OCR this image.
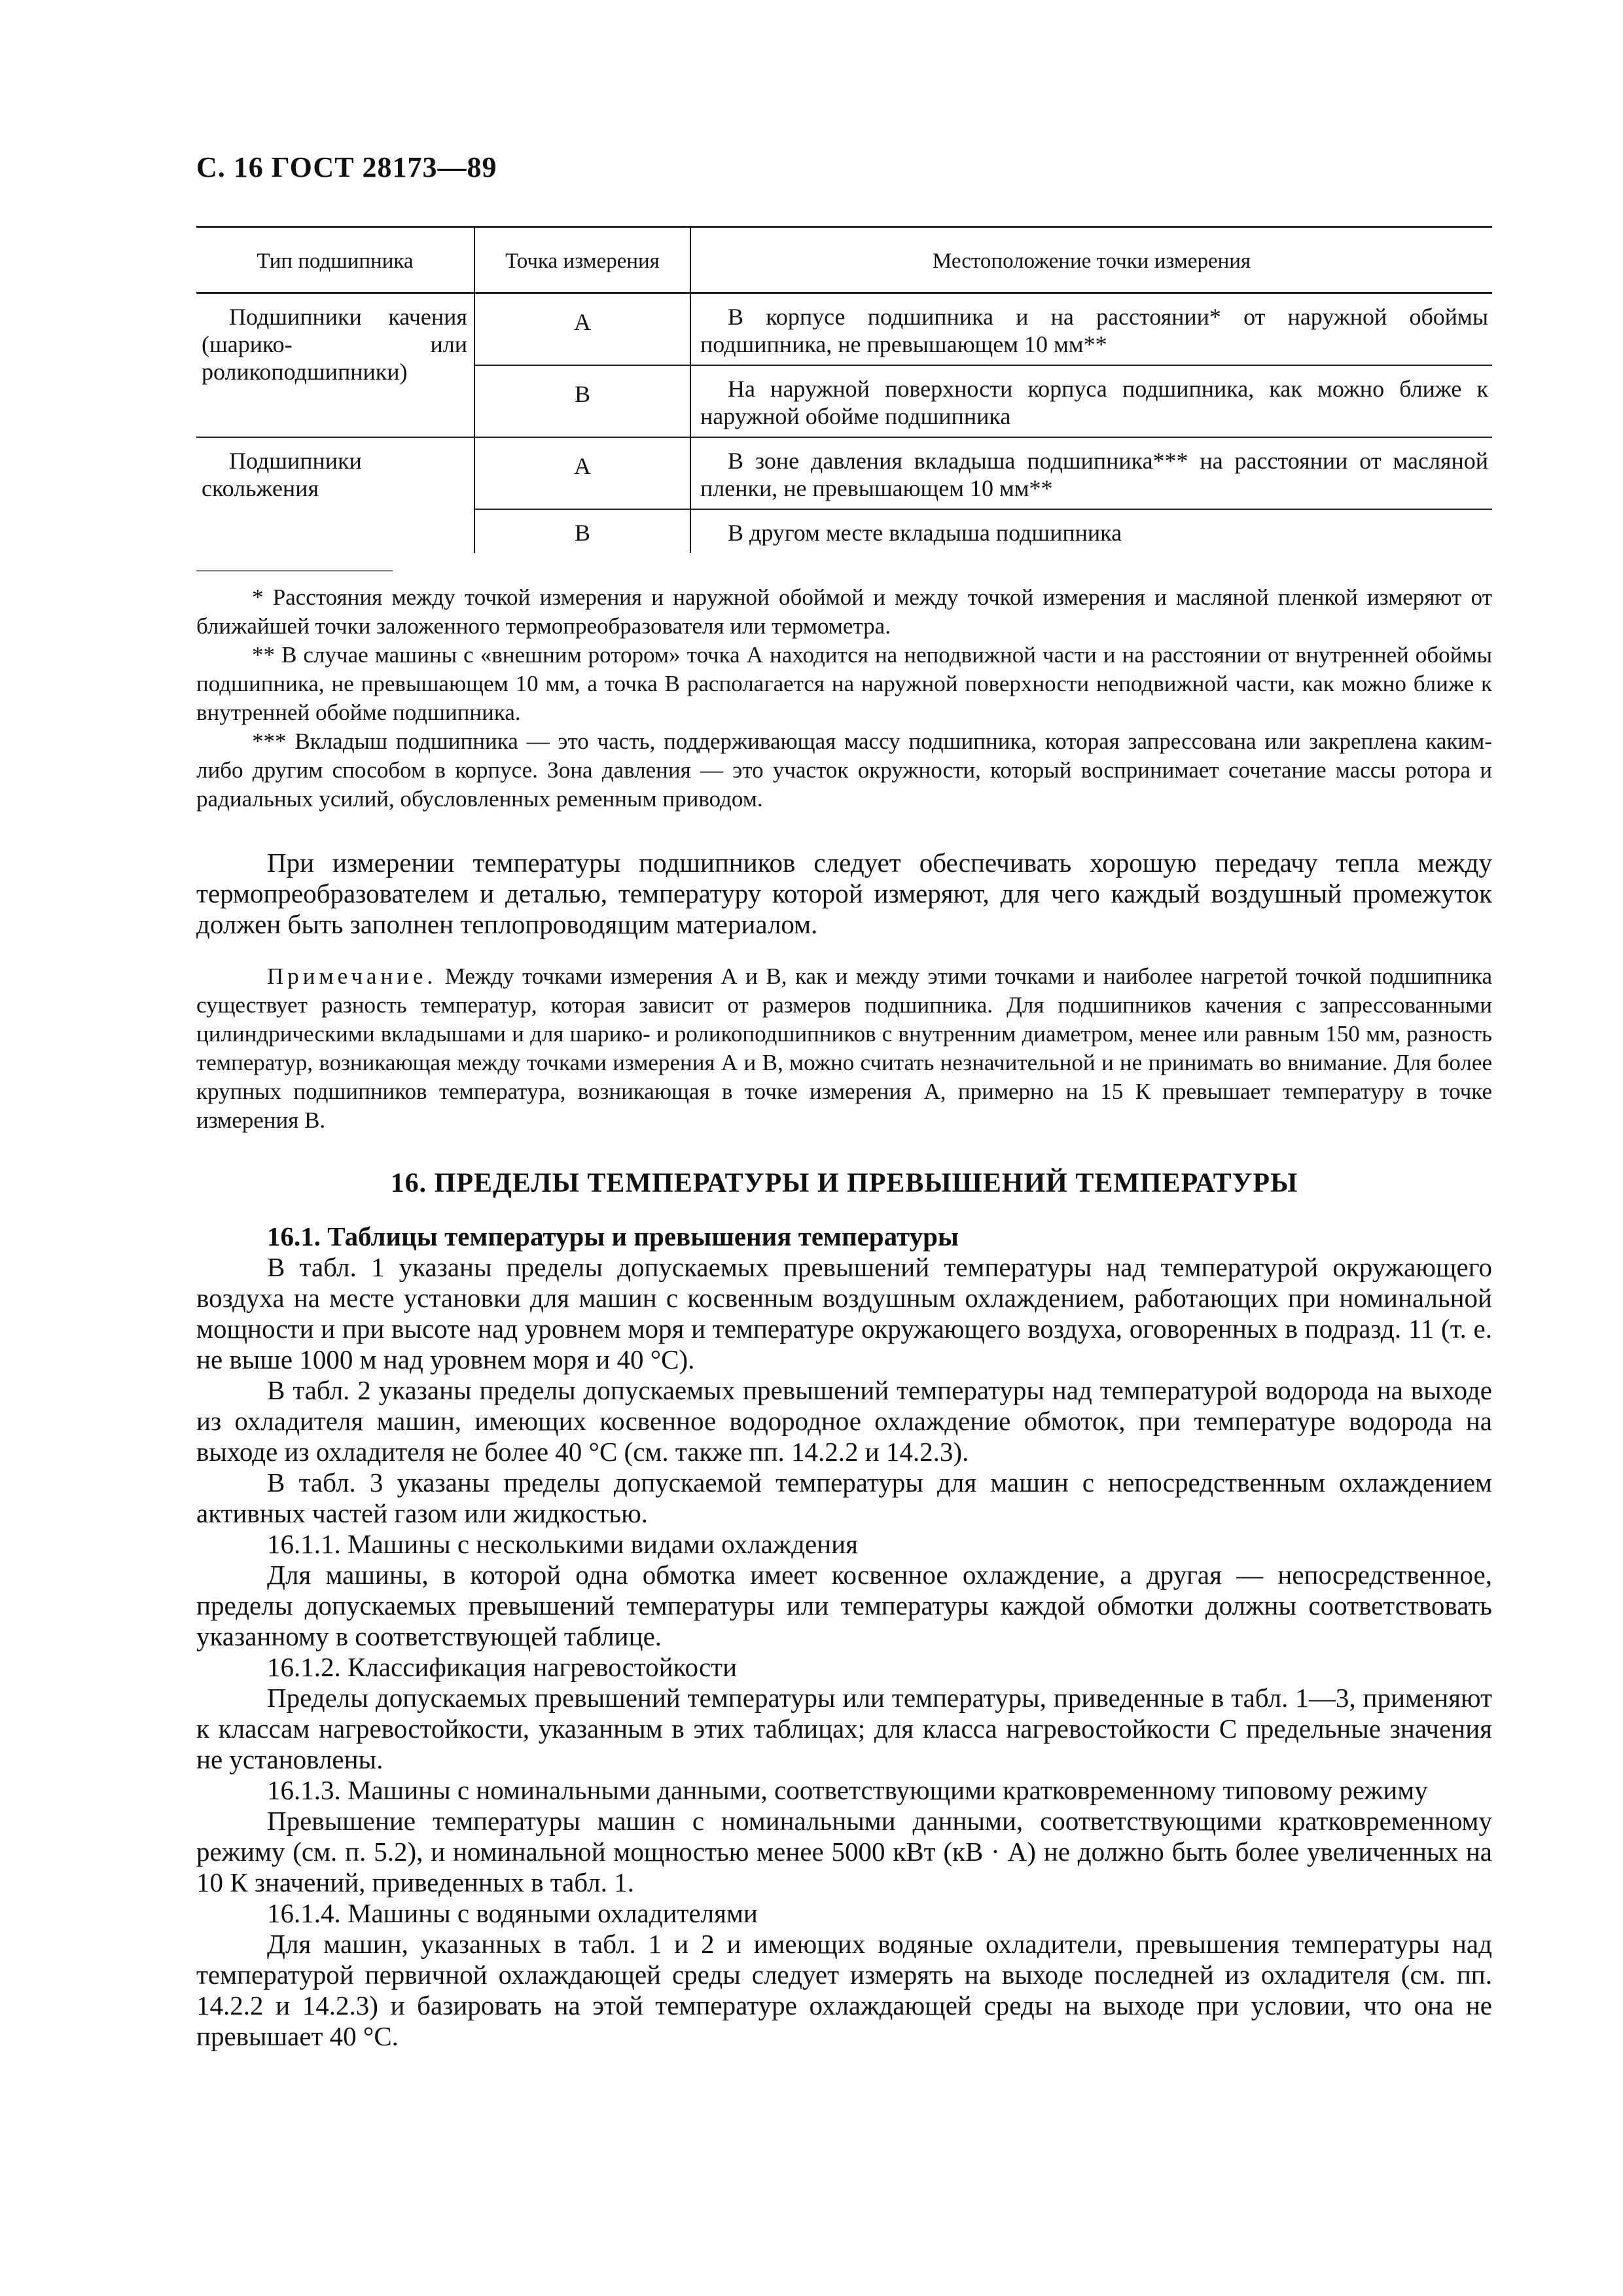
С. 16 ГОСТ 28173—89
Тип подшипника	Точка измерения	Местоположение точки измерения
Подшипники качения (шарико- или роликоподшипники)	А	В корпусе подшипника и на расстоянии* от наружной обоймы подшипника, не превышающем 10 мм**
	В	На наружной поверхности корпуса подшипника, как можно ближе к наружной обойме подшипника
Подшипники скольжения	А	В зоне давления вкладыша подшипника*** на расстоянии от масляной пленки, не превышающем 10 мм**
	В	В другом месте вкладыша подшипника

* Расстояния между точкой измерения и наружной обоймой и между точкой измерения и масляной пленкой измеряют от ближайшей точки заложенного термопреобразователя или термометра.

** В случае машины с «внешним ротором» точка А находится на неподвижной части и на расстоянии от внутренней обоймы подшипника, не превышающем 10 мм, а точка В располагается на наружной поверхности неподвижной части, как можно ближе к внутренней обойме подшипника.

*** Вкладыш подшипника — это часть, поддерживающая массу подшипника, которая запрессована или закреплена каким-либо другим способом в корпусе. Зона давления — это участок окружности, который воспринимает сочетание массы ротора и радиальных усилий, обусловленных ременным приводом.

При измерении температуры подшипников следует обеспечивать хорошую передачу тепла между термопреобразователем и деталью, температуру которой измеряют, для чего каждый воздушный промежуток должен быть заполнен теплопроводящим материалом.

Примечание. Между точками измерения А и В, как и между этими точками и наиболее нагретой точкой подшипника существует разность температур, которая зависит от размеров подшипника. Для подшипников качения с запрессованными цилиндрическими вкладышами и для шарико- и роликоподшипников с внутренним диаметром, менее или равным 150 мм, разность температур, возникающая между точками измерения А и В, можно считать незначительной и не принимать во внимание. Для более крупных подшипников температура, возникающая в точке измерения А, примерно на 15 К превышает температуру в точке измерения В.

16. ПРЕДЕЛЫ ТЕМПЕРАТУРЫ И ПРЕВЫШЕНИЙ ТЕМПЕРАТУРЫ

16.1. Таблицы температуры и превышения температуры

В табл. 1 указаны пределы допускаемых превышений температуры над температурой окружающего воздуха на месте установки для машин с косвенным воздушным охлаждением, работающих при номинальной мощности и при высоте над уровнем моря и температуре окружающего воздуха, оговоренных в подразд. 11 (т. е. не выше 1000 м над уровнем моря и 40 °С).

В табл. 2 указаны пределы допускаемых превышений температуры над температурой водорода на выходе из охладителя машин, имеющих косвенное водородное охлаждение обмоток, при температуре водорода на выходе из охладителя не более 40 °С (см. также пп. 14.2.2 и 14.2.3).

В табл. 3 указаны пределы допускаемой температуры для машин с непосредственным охлаждением активных частей газом или жидкостью.

16.1.1. Машины с несколькими видами охлаждения

Для машины, в которой одна обмотка имеет косвенное охлаждение, а другая — непосредственное, пределы допускаемых превышений температуры или температуры каждой обмотки должны соответствовать указанному в соответствующей таблице.

16.1.2. Классификация нагревостойкости

Пределы допускаемых превышений температуры или температуры, приведенные в табл. 1—3, применяют к классам нагревостойкости, указанным в этих таблицах; для класса нагревостойкости С предельные значения не установлены.

16.1.3. Машины с номинальными данными, соответствующими кратковременному типовому режиму

Превышение температуры машин с номинальными данными, соответствующими кратковременному режиму (см. п. 5.2), и номинальной мощностью менее 5000 кВт (кВ · А) не должно быть более увеличенных на 10 К значений, приведенных в табл. 1.

16.1.4. Машины с водяными охладителями

Для машин, указанных в табл. 1 и 2 и имеющих водяные охладители, превышения температуры над температурой первичной охлаждающей среды следует измерять на выходе последней из охладителя (см. пп. 14.2.2 и 14.2.3) и базировать на этой температуре охлаждающей среды на выходе при условии, что она не превышает 40 °С.
